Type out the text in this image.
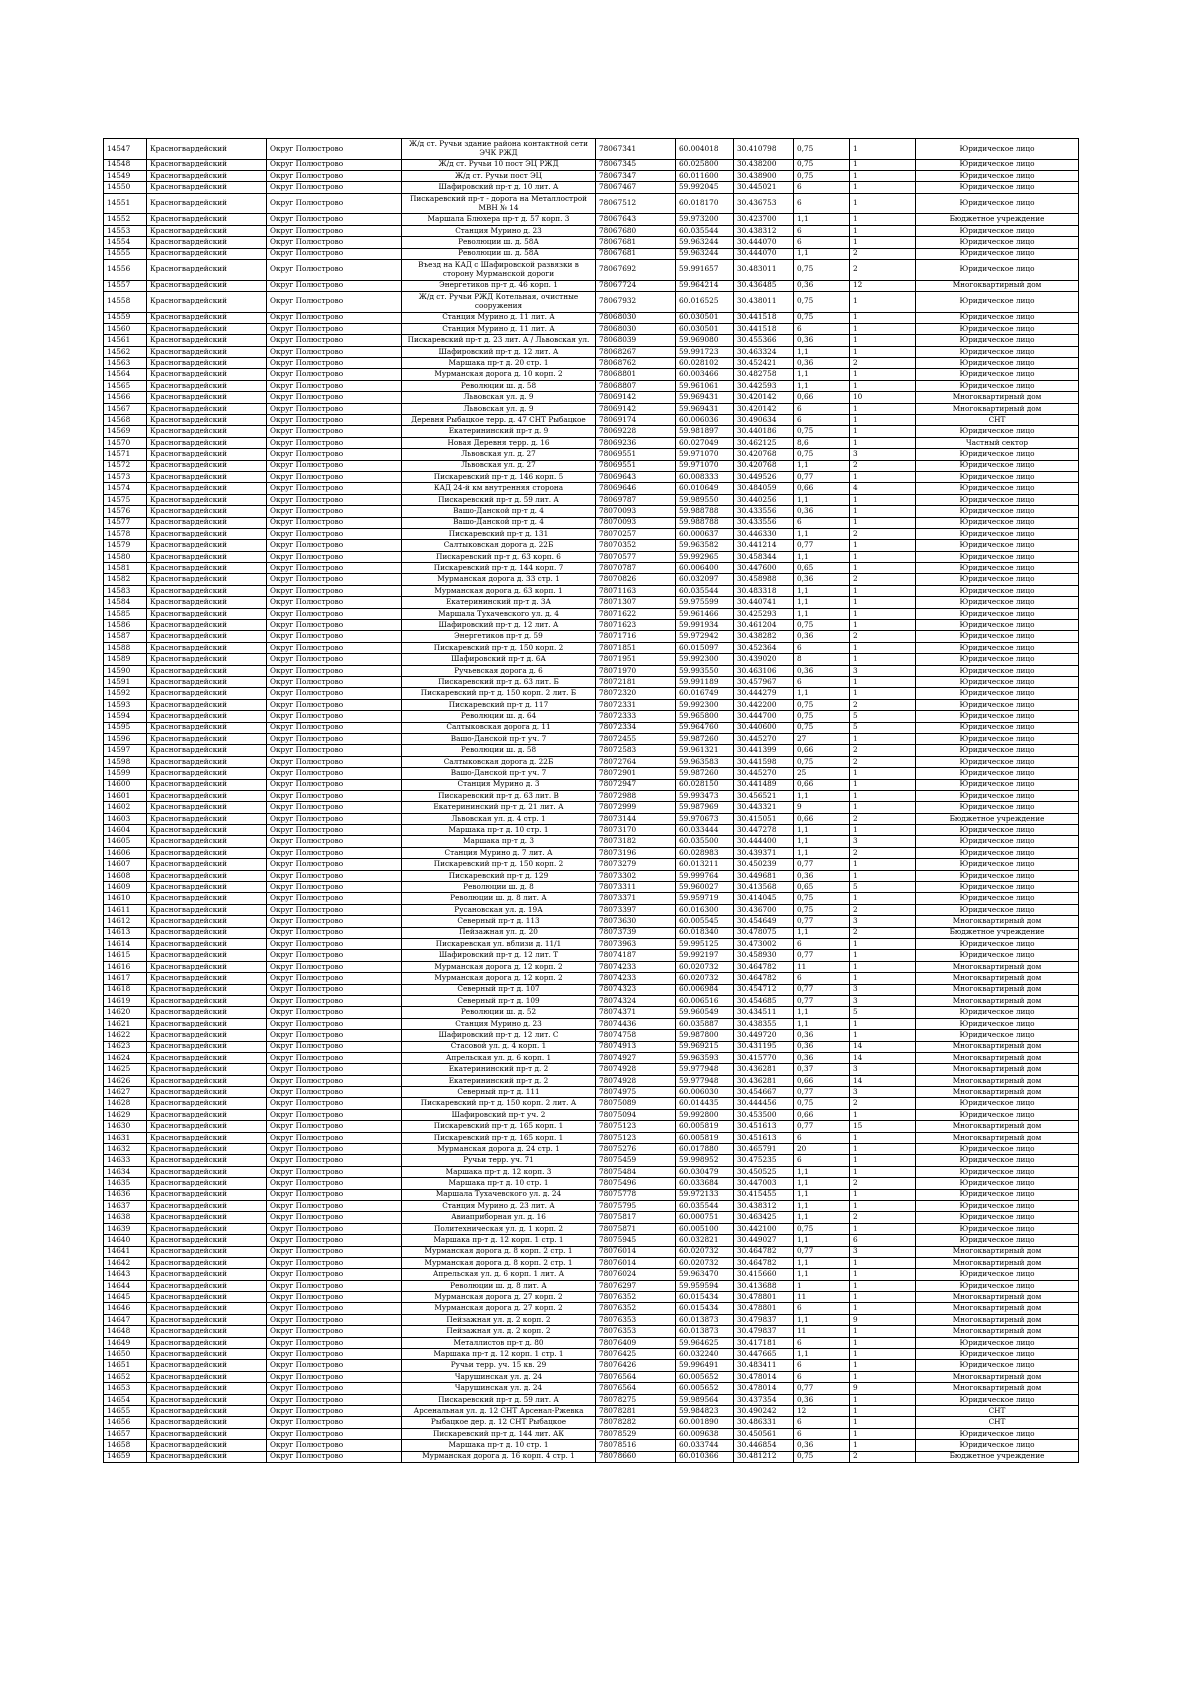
14547	Красногвардейский	Округ Полюстрово	Ж/д ст. Ручьи здание района контактной сети ЭЧК РЖД	78067341	60.004018	30.410798	0,75	1	Юридическое лицо
14548	Красногвардейский	Округ Полюстрово	Ж/д ст. Ручьи 10 пост ЭЦ РЖД	78067345	60.025800	30.438200	0,75	1	Юридическое лицо
14549	Красногвардейский	Округ Полюстрово	Ж/д ст. Ручьи пост ЭЦ	78067347	60.011600	30.438900	0,75	1	Юридическое лицо
14550	Красногвардейский	Округ Полюстрово	Шафировский пр-т д. 10 лит. А	78067467	59.992045	30.445021	6	1	Юридическое лицо
14551	Красногвардейский	Округ Полюстрово	Пискаревский пр-т - дорога на Металлострой МВН № 14	78067512	60.018170	30.436753	6	1	Юридическое лицо
14552	Красногвардейский	Округ Полюстрово	Маршала Блюхера пр-т д. 57 корп. 3	78067643	59.973200	30.423700	1,1	1	Бюджетное учреждение
14553	Красногвардейский	Округ Полюстрово	Станция Мурино д. 23	78067680	60.035544	30.438312	6	1	Юридическое лицо
14554	Красногвардейский	Округ Полюстрово	Революции ш. д. 58А	78067681	59.963244	30.444070	6	1	Юридическое лицо
14555	Красногвардейский	Округ Полюстрово	Революции ш. д. 58А	78067681	59.963244	30.444070	1,1	2	Юридическое лицо
14556	Красногвардейский	Округ Полюстрово	Въезд на КАД с Шафировской развязки в сторону Мурманской дороги	78067692	59.991657	30.483011	0,75	2	Юридическое лицо
14557	Красногвардейский	Округ Полюстрово	Энергетиков пр-т д. 46 корп. 1	78067724	59.964214	30.436485	0,36	12	Многоквартирный дом
14558	Красногвардейский	Округ Полюстрово	Ж/д ст. Ручьи РЖД Котельная, очистные сооружения	78067932	60.016525	30.438011	0,75	1	Юридическое лицо
14559	Красногвардейский	Округ Полюстрово	Станция Мурино д. 11 лит. А	78068030	60.030501	30.441518	0,75	1	Юридическое лицо
14560	Красногвардейский	Округ Полюстрово	Станция Мурино д. 11 лит. А	78068030	60.030501	30.441518	6	1	Юридическое лицо
14561	Красногвардейский	Округ Полюстрово	Пискаревский пр-т д. 23 лит. А / Львовская ул.	78068039	59.969080	30.455366	0,36	1	Юридическое лицо
14562	Красногвардейский	Округ Полюстрово	Шафировский пр-т д. 12 лит. А	78068267	59.991723	30.463324	1,1	1	Юридическое лицо
14563	Красногвардейский	Округ Полюстрово	Маршака пр-т д. 20 стр. 1	78068762	60.028102	30.452421	0,36	2	Юридическое лицо
14564	Красногвардейский	Округ Полюстрово	Мурманская дорога д. 10 корп. 2	78068801	60.003466	30.482758	1,1	1	Юридическое лицо
14565	Красногвардейский	Округ Полюстрово	Революции ш. д. 58	78068807	59.961061	30.442593	1,1	1	Юридическое лицо
14566	Красногвардейский	Округ Полюстрово	Львовская ул. д. 9	78069142	59.969431	30.420142	0,66	10	Многоквартирный дом
14567	Красногвардейский	Округ Полюстрово	Львовская ул. д. 9	78069142	59.969431	30.420142	6	1	Многоквартирный дом
14568	Красногвардейский	Округ Полюстрово	Деревня Рыбацкое терр. д. 47 СНТ Рыбацкое	78069174	60.006036	30.490634	6	1	СНТ
14569	Красногвардейский	Округ Полюстрово	Екатерининский пр-т д. 9	78069228	59.981897	30.440186	0,75	1	Юридическое лицо
14570	Красногвардейский	Округ Полюстрово	Новая Деревня терр. д. 16	78069236	60.027049	30.462125	8,6	1	Частный сектор
14571	Красногвардейский	Округ Полюстрово	Львовская ул. д. 27	78069551	59.971070	30.420768	0,75	3	Юридическое лицо
14572	Красногвардейский	Округ Полюстрово	Львовская ул. д. 27	78069551	59.971070	30.420768	1,1	2	Юридическое лицо
14573	Красногвардейский	Округ Полюстрово	Пискаревский пр-т д. 146 корп. 5	78069643	60.008333	30.449526	0,77	1	Юридическое лицо
14574	Красногвардейский	Округ Полюстрово	КАД 24-й км внутренняя сторона	78069646	60.010649	30.484059	0,66	4	Юридическое лицо
14575	Красногвардейский	Округ Полюстрово	Пискаревский пр-т д. 59 лит. А	78069787	59.989550	30.440256	1,1	1	Юридическое лицо
14576	Красногвардейский	Округ Полюстрово	Вашо-Данской пр-т д. 4	78070093	59.988788	30.433556	0,36	1	Юридическое лицо
14577	Красногвардейский	Округ Полюстрово	Вашо-Данской пр-т д. 4	78070093	59.988788	30.433556	6	1	Юридическое лицо
14578	Красногвардейский	Округ Полюстрово	Пискаревский пр-т д. 131	78070257	60.000637	30.446330	1,1	2	Юридическое лицо
14579	Красногвардейский	Округ Полюстрово	Салтыковская дорога д. 22Б	78070352	59.963582	30.441214	0,77	1	Юридическое лицо
14580	Красногвардейский	Округ Полюстрово	Пискаревский пр-т д. 63 корп. 6	78070577	59.992965	30.458344	1,1	1	Юридическое лицо
14581	Красногвардейский	Округ Полюстрово	Пискаревский пр-т д. 144 корп. 7	78070787	60.006400	30.447600	0,65	1	Юридическое лицо
14582	Красногвардейский	Округ Полюстрово	Мурманская дорога д. 33 стр. 1	78070826	60.032097	30.458988	0,36	2	Юридическое лицо
14583	Красногвардейский	Округ Полюстрово	Мурманская дорога д. 63 корп. 1	78071163	60.035544	30.483318	1,1	1	Юридическое лицо
14584	Красногвардейский	Округ Полюстрово	Екатерининский пр-т д. 3А	78071307	59.975599	30.440741	1,1	1	Юридическое лицо
14585	Красногвардейский	Округ Полюстрово	Маршала Тухачевского ул. д. 4	78071622	59.961466	30.425293	1,1	1	Юридическое лицо
14586	Красногвардейский	Округ Полюстрово	Шафировский пр-т д. 12 лит. А	78071623	59.991934	30.461204	0,75	1	Юридическое лицо
14587	Красногвардейский	Округ Полюстрово	Энергетиков пр-т д. 59	78071716	59.972942	30.438282	0,36	2	Юридическое лицо
14588	Красногвардейский	Округ Полюстрово	Пискаревский пр-т д. 150 корп. 2	78071851	60.015097	30.452364	6	1	Юридическое лицо
14589	Красногвардейский	Округ Полюстрово	Шафировский пр-т д. 6А	78071951	59.992300	30.439020	8	1	Юридическое лицо
14590	Красногвардейский	Округ Полюстрово	Ручьевская дорога д. 6	78071970	59.993550	30.463106	0,36	3	Юридическое лицо
14591	Красногвардейский	Округ Полюстрово	Пискаревский пр-т д. 63 лит. Б	78072181	59.991189	30.457967	6	1	Юридическое лицо
14592	Красногвардейский	Округ Полюстрово	Пискаревский пр-т д. 150 корп. 2 лит. Б	78072320	60.016749	30.444279	1,1	1	Юридическое лицо
14593	Красногвардейский	Округ Полюстрово	Пискаревский пр-т д. 117	78072331	59.992300	30.442200	0,75	2	Юридическое лицо
14594	Красногвардейский	Округ Полюстрово	Революции ш. д. 64	78072333	59.965800	30.444700	0,75	5	Юридическое лицо
14595	Красногвардейский	Округ Полюстрово	Салтыковская дорога д. 11	78072334	59.964760	30.440600	0,75	5	Юридическое лицо
14596	Красногвардейский	Округ Полюстрово	Вашо-Данской пр-т уч. 7	78072455	59.987260	30.445270	27	1	Юридическое лицо
14597	Красногвардейский	Округ Полюстрово	Революции ш. д. 58	78072583	59.961321	30.441399	0,66	2	Юридическое лицо
14598	Красногвардейский	Округ Полюстрово	Салтыковская дорога д. 22Б	78072764	59.963583	30.441598	0,75	2	Юридическое лицо
14599	Красногвардейский	Округ Полюстрово	Вашо-Данской пр-т уч. 7	78072901	59.987260	30.445270	25	1	Юридическое лицо
14600	Красногвардейский	Округ Полюстрово	Станция Мурино д. 3	78072947	60.028150	30.441489	0,66	1	Юридическое лицо
14601	Красногвардейский	Округ Полюстрово	Пискаревский пр-т д. 63 лит. В	78072988	59.993473	30.456521	1,1	1	Юридическое лицо
14602	Красногвардейский	Округ Полюстрово	Екатерининский пр-т д. 21 лит. А	78072999	59.987969	30.443321	9	1	Юридическое лицо
14603	Красногвардейский	Округ Полюстрово	Львовская ул. д. 4 стр. 1	78073144	59.970673	30.415051	0,66	2	Бюджетное учреждение
14604	Красногвардейский	Округ Полюстрово	Маршака пр-т д. 10 стр. 1	78073170	60.033444	30.447278	1,1	1	Юридическое лицо
14605	Красногвардейский	Округ Полюстрово	Маршака пр-т д. 3	78073182	60.035500	30.444400	1,1	3	Юридическое лицо
14606	Красногвардейский	Округ Полюстрово	Станция Мурино д. 7 лит. А	78073196	60.028983	30.439371	1,1	2	Юридическое лицо
14607	Красногвардейский	Округ Полюстрово	Пискаревский пр-т д. 150 корп. 2	78073279	60.013211	30.450239	0,77	1	Юридическое лицо
14608	Красногвардейский	Округ Полюстрово	Пискаревский пр-т д. 129	78073302	59.999764	30.449681	0,36	1	Юридическое лицо
14609	Красногвардейский	Округ Полюстрово	Революции ш. д. 8	78073311	59.960027	30.413568	0,65	5	Юридическое лицо
14610	Красногвардейский	Округ Полюстрово	Революции ш. д. 8 лит. А	78073371	59.959719	30.414045	0,75	1	Юридическое лицо
14611	Красногвардейский	Округ Полюстрово	Русановская ул. д. 19А	78073397	60.016300	30.436700	0,75	2	Юридическое лицо
14612	Красногвардейский	Округ Полюстрово	Северный пр-т д. 113	78073630	60.005545	30.454649	0,77	3	Многоквартирный дом
14613	Красногвардейский	Округ Полюстрово	Пейзажная ул. д. 20	78073739	60.018340	30.478075	1,1	2	Бюджетное учреждение
14614	Красногвардейский	Округ Полюстрово	Пискаревская ул. вблизи д. 11/1	78073963	59.995125	30.473002	6	1	Юридическое лицо
14615	Красногвардейский	Округ Полюстрово	Шафировский пр-т д. 12 лит. Т	78074187	59.992197	30.458930	0,77	1	Юридическое лицо
14616	Красногвардейский	Округ Полюстрово	Мурманская дорога д. 12 корп. 2	78074233	60.020732	30.464782	11	1	Многоквартирный дом
14617	Красногвардейский	Округ Полюстрово	Мурманская дорога д. 12 корп. 2	78074233	60.020732	30.464782	6	1	Многоквартирный дом
14618	Красногвардейский	Округ Полюстрово	Северный пр-т д. 107	78074323	60.006984	30.454712	0,77	3	Многоквартирный дом
14619	Красногвардейский	Округ Полюстрово	Северный пр-т д. 109	78074324	60.006516	30.454685	0,77	3	Многоквартирный дом
14620	Красногвардейский	Округ Полюстрово	Революции ш. д. 52	78074371	59.960549	30.434511	1,1	5	Юридическое лицо
14621	Красногвардейский	Округ Полюстрово	Станция Мурино д. 23	78074436	60.035887	30.438355	1,1	1	Юридическое лицо
14622	Красногвардейский	Округ Полюстрово	Шафировский пр-т д. 12 лит. С	78074758	59.987800	30.449720	0,36	1	Юридическое лицо
14623	Красногвардейский	Округ Полюстрово	Стасовой ул. д. 4 корп. 1	78074913	59.969215	30.431195	0,36	14	Многоквартирный дом
14624	Красногвардейский	Округ Полюстрово	Апрельская ул. д. 6 корп. 1	78074927	59.963593	30.415770	0,36	14	Многоквартирный дом
14625	Красногвардейский	Округ Полюстрово	Екатерининский пр-т д. 2	78074928	59.977948	30.436281	0,37	3	Многоквартирный дом
14626	Красногвардейский	Округ Полюстрово	Екатерининский пр-т д. 2	78074928	59.977948	30.436281	0,66	14	Многоквартирный дом
14627	Красногвардейский	Округ Полюстрово	Северный пр-т д. 111	78074975	60.006030	30.454667	0,77	3	Многоквартирный дом
14628	Красногвардейский	Округ Полюстрово	Пискаревский пр-т д. 150 корп. 2 лит. А	78075089	60.014435	30.444456	0,75	2	Юридическое лицо
14629	Красногвардейский	Округ Полюстрово	Шафировский пр-т уч. 2	78075094	59.992800	30.453500	0,66	1	Юридическое лицо
14630	Красногвардейский	Округ Полюстрово	Пискаревский пр-т д. 165 корп. 1	78075123	60.005819	30.451613	0,77	15	Многоквартирный дом
14631	Красногвардейский	Округ Полюстрово	Пискаревский пр-т д. 165 корп. 1	78075123	60.005819	30.451613	6	1	Многоквартирный дом
14632	Красногвардейский	Округ Полюстрово	Мурманская дорога д. 24 стр. 1	78075276	60.017880	30.465791	20	1	Юридическое лицо
14633	Красногвардейский	Округ Полюстрово	Ручьи терр. уч. 71	78075459	59.998952	30.475235	6	1	Юридическое лицо
14634	Красногвардейский	Округ Полюстрово	Маршака пр-т д. 12 корп. 3	78075484	60.030479	30.450525	1,1	1	Юридическое лицо
14635	Красногвардейский	Округ Полюстрово	Маршака пр-т д. 10 стр. 1	78075496	60.033684	30.447003	1,1	2	Юридическое лицо
14636	Красногвардейский	Округ Полюстрово	Маршала Тухачевского ул. д. 24	78075778	59.972133	30.415455	1,1	1	Юридическое лицо
14637	Красногвардейский	Округ Полюстрово	Станция Мурино д. 23 лит. А	78075795	60.035544	30.438312	1,1	1	Юридическое лицо
14638	Красногвардейский	Округ Полюстрово	Авиаприборная ул. д. 16	78075817	60.000751	30.463425	1,1	2	Юридическое лицо
14639	Красногвардейский	Округ Полюстрово	Политехническая ул. д. 1 корп. 2	78075871	60.005100	30.442100	0,75	1	Юридическое лицо
14640	Красногвардейский	Округ Полюстрово	Маршака пр-т д. 12 корп. 1 стр. 1	78075945	60.032821	30.449027	1,1	6	Юридическое лицо
14641	Красногвардейский	Округ Полюстрово	Мурманская дорога д. 8 корп. 2 стр. 1	78076014	60.020732	30.464782	0,77	3	Многоквартирный дом
14642	Красногвардейский	Округ Полюстрово	Мурманская дорога д. 8 корп. 2 стр. 1	78076014	60.020732	30.464782	1,1	1	Многоквартирный дом
14643	Красногвардейский	Округ Полюстрово	Апрельская ул. д. 6 корп. 1 лит. А	78076024	59.963470	30.415660	1,1	1	Юридическое лицо
14644	Красногвардейский	Округ Полюстрово	Революции ш. д. 8 лит. А	78076297	59.959594	30.413688	1	1	Юридическое лицо
14645	Красногвардейский	Округ Полюстрово	Мурманская дорога д. 27 корп. 2	78076352	60.015434	30.478801	11	1	Многоквартирный дом
14646	Красногвардейский	Округ Полюстрово	Мурманская дорога д. 27 корп. 2	78076352	60.015434	30.478801	6	1	Многоквартирный дом
14647	Красногвардейский	Округ Полюстрово	Пейзажная ул. д. 2 корп. 2	78076353	60.013873	30.479837	1,1	9	Многоквартирный дом
14648	Красногвардейский	Округ Полюстрово	Пейзажная ул. д. 2 корп. 2	78076353	60.013873	30.479837	11	1	Многоквартирный дом
14649	Красногвардейский	Округ Полюстрово	Металлистов пр-т д. 80	78076409	59.964625	30.417181	6	1	Юридическое лицо
14650	Красногвардейский	Округ Полюстрово	Маршака пр-т д. 12 корп. 1 стр. 1	78076425	60.032240	30.447665	1,1	1	Юридическое лицо
14651	Красногвардейский	Округ Полюстрово	Ручьи терр. уч. 15 кв. 29	78076426	59.996491	30.483411	6	1	Юридическое лицо
14652	Красногвардейский	Округ Полюстрово	Чарушинская ул. д. 24	78076564	60.005652	30.478014	6	1	Многоквартирный дом
14653	Красногвардейский	Округ Полюстрово	Чарушинская ул. д. 24	78076564	60.005652	30.478014	0,77	9	Многоквартирный дом
14654	Красногвардейский	Округ Полюстрово	Пискаревский пр-т д. 59 лит. А	78078275	59.989564	30.437354	0,36	1	Юридическое лицо
14655	Красногвардейский	Округ Полюстрово	Арсенальная ул. д. 12 СНТ Арсенал-Ржевка	78078281	59.984823	30.490242	12	1	СНТ
14656	Красногвардейский	Округ Полюстрово	Рыбацкое дер. д. 12 СНТ Рыбацкое	78078282	60.001890	30.486331	6	1	СНТ
14657	Красногвардейский	Округ Полюстрово	Пискаревский пр-т д. 144 лит. АК	78078529	60.009638	30.450561	6	1	Юридическое лицо
14658	Красногвардейский	Округ Полюстрово	Маршака пр-т д. 10 стр. 1	78078516	60.033744	30.446854	0,36	1	Юридическое лицо
14659	Красногвардейский	Округ Полюстрово	Мурманская дорога д. 16 корп. 4 стр. 1	78078660	60.010366	30.481212	0,75	2	Бюджетное учреждение
